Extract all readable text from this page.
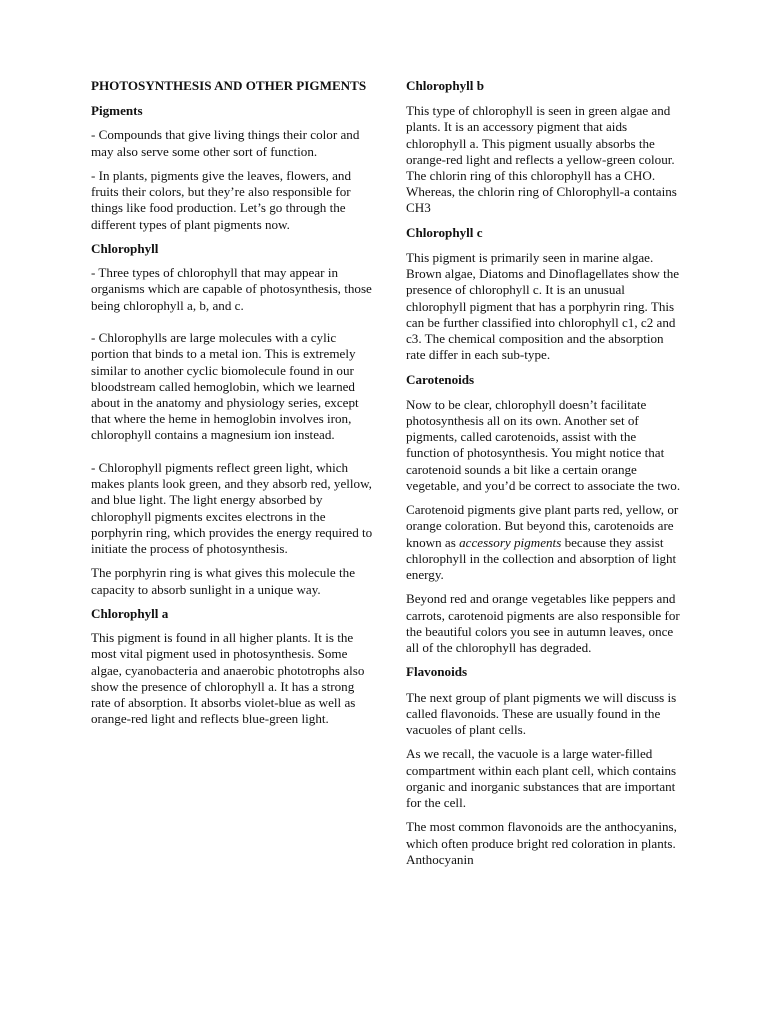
PHOTOSYNTHESIS AND OTHER PIGMENTS
Pigments

- Compounds that give living things their color and may also serve some other sort of function.

- In plants, pigments give the leaves, flowers, and fruits their colors, but they’re also responsible for things like food production. Let’s go through the different types of plant pigments now.

Chlorophyll

- Three types of chlorophyll that may appear in organisms which are capable of photosynthesis, those being chlorophyll a, b, and c.

- Chlorophylls are large molecules with a cylic portion that binds to a metal ion. This is extremely similar to another cyclic biomolecule found in our bloodstream called hemoglobin, which we learned about in the anatomy and physiology series, except that where the heme in hemoglobin involves iron, chlorophyll contains a magnesium ion instead.

- Chlorophyll pigments reflect green light, which makes plants look green, and they absorb red, yellow, and blue light. The light energy absorbed by chlorophyll pigments excites electrons in the porphyrin ring, which provides the energy required to initiate the process of photosynthesis.

The porphyrin ring is what gives this molecule the capacity to absorb sunlight in a unique way.

Chlorophyll a

This pigment is found in all higher plants. It is the most vital pigment used in photosynthesis. Some algae, cyanobacteria and anaerobic phototrophs also show the presence of chlorophyll a. It has a strong rate of absorption. It absorbs violet-blue as well as orange-red light and reflects blue-green light.

Chlorophyll b

This type of chlorophyll is seen in green algae and plants. It is an accessory pigment that aids chlorophyll a. This pigment usually absorbs the orange-red light and reflects a yellow-green colour. The chlorin ring of this chlorophyll has a CHO. Whereas, the chlorin ring of Chlorophyll-a contains CH3

Chlorophyll c

This pigment is primarily seen in marine algae. Brown algae, Diatoms and Dinoflagellates show the presence of chlorophyll c. It is an unusual chlorophyll pigment that has a porphyrin ring. This can be further classified into chlorophyll c1, c2 and c3. The chemical composition and the absorption rate differ in each sub-type.

Carotenoids

Now to be clear, chlorophyll doesn’t facilitate photosynthesis all on its own. Another set of pigments, called carotenoids, assist with the function of photosynthesis. You might notice that carotenoid sounds a bit like a certain orange vegetable, and you’d be correct to associate the two.

Carotenoid pigments give plant parts red, yellow, or orange coloration. But beyond this, carotenoids are known as accessory pigments because they assist chlorophyll in the collection and absorption of light energy.

Beyond red and orange vegetables like peppers and carrots, carotenoid pigments are also responsible for the beautiful colors you see in autumn leaves, once all of the chlorophyll has degraded.

Flavonoids

The next group of plant pigments we will discuss is called flavonoids. These are usually found in the vacuoles of plant cells.

As we recall, the vacuole is a large water-filled compartment within each plant cell, which contains organic and inorganic substances that are important for the cell.

The most common flavonoids are the anthocyanins, which often produce bright red coloration in plants. Anthocyanin
